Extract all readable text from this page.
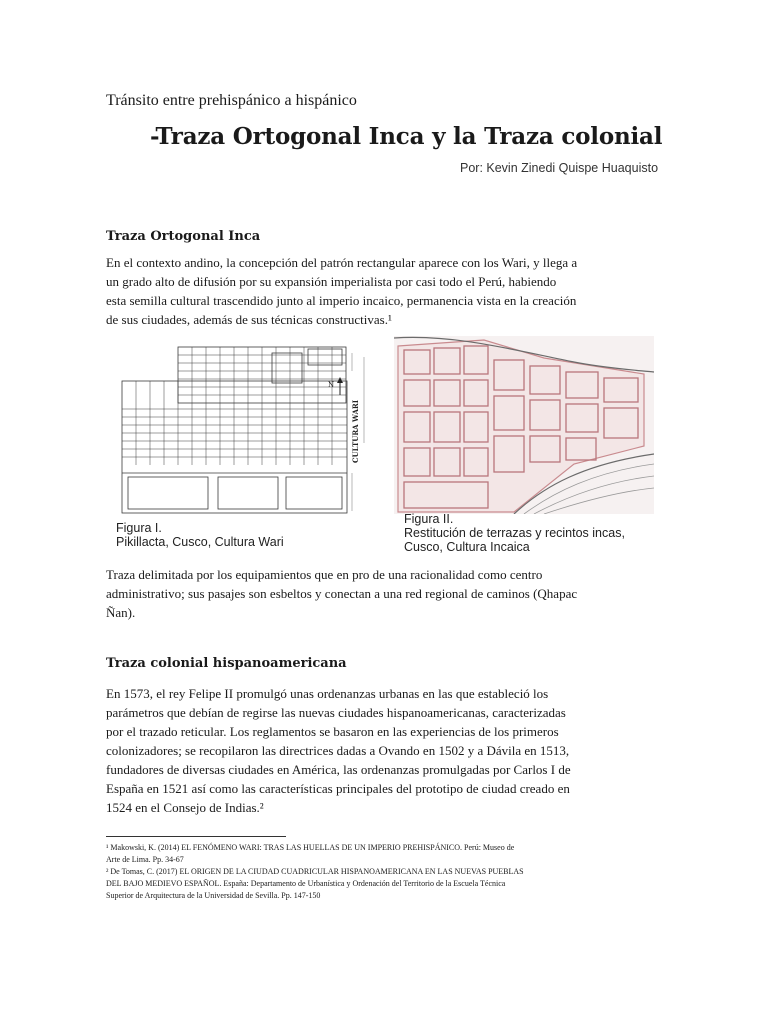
Tránsito entre prehispánico a hispánico
-Traza Ortogonal Inca y la Traza colonial
Por: Kevin Zinedi Quispe Huaquisto
Traza Ortogonal Inca
En el contexto andino, la concepción del patrón rectangular aparece con los Wari, y llega a
un grado alto de difusión por su expansión imperialista por casi todo el Perú, habiendo
esta semilla cultural trascendido junto al imperio incaico, permanencia vista en la creación
de sus ciudades, además de sus técnicas constructivas.¹
N
CULTURA WARI
Figura I.
Pikillacta, Cusco, Cultura Wari
Figura II.
Restitución de terrazas y recintos incas,
Cusco, Cultura Incaica
Traza delimitada por los equipamientos que en pro de una racionalidad como centro
administrativo; sus pasajes son esbeltos y conectan a una red regional de caminos (Qhapac
Ñan).
Traza colonial hispanoamericana
En 1573, el rey Felipe II promulgó unas ordenanzas urbanas en las que estableció los
parámetros que debían de regirse las nuevas ciudades hispanoamericanas, caracterizadas
por el trazado reticular. Los reglamentos se basaron en las experiencias de los primeros
colonizadores; se recopilaron las directrices dadas a Ovando en 1502 y a Dávila en 1513,
fundadores de diversas ciudades en América, las ordenanzas promulgadas por Carlos I de
España en 1521 así como las características principales del prototipo de ciudad creado en
1524 en el Consejo de Indias.²
¹ Makowski, K. (2014) EL FENÓMENO WARI: TRAS LAS HUELLAS DE UN IMPERIO PREHISPÁNICO. Perú: Museo de
Arte de Lima. Pp. 34-67
² De Tomas, C. (2017) EL ORIGEN DE LA CIUDAD CUADRICULAR HISPANOAMERICANA EN LAS NUEVAS PUEBLAS
DEL BAJO MEDIEVO ESPAÑOL. España: Departamento de Urbanística y Ordenación del Territorio de la Escuela Técnica
Superior de Arquitectura de la Universidad de Sevilla. Pp. 147-150
